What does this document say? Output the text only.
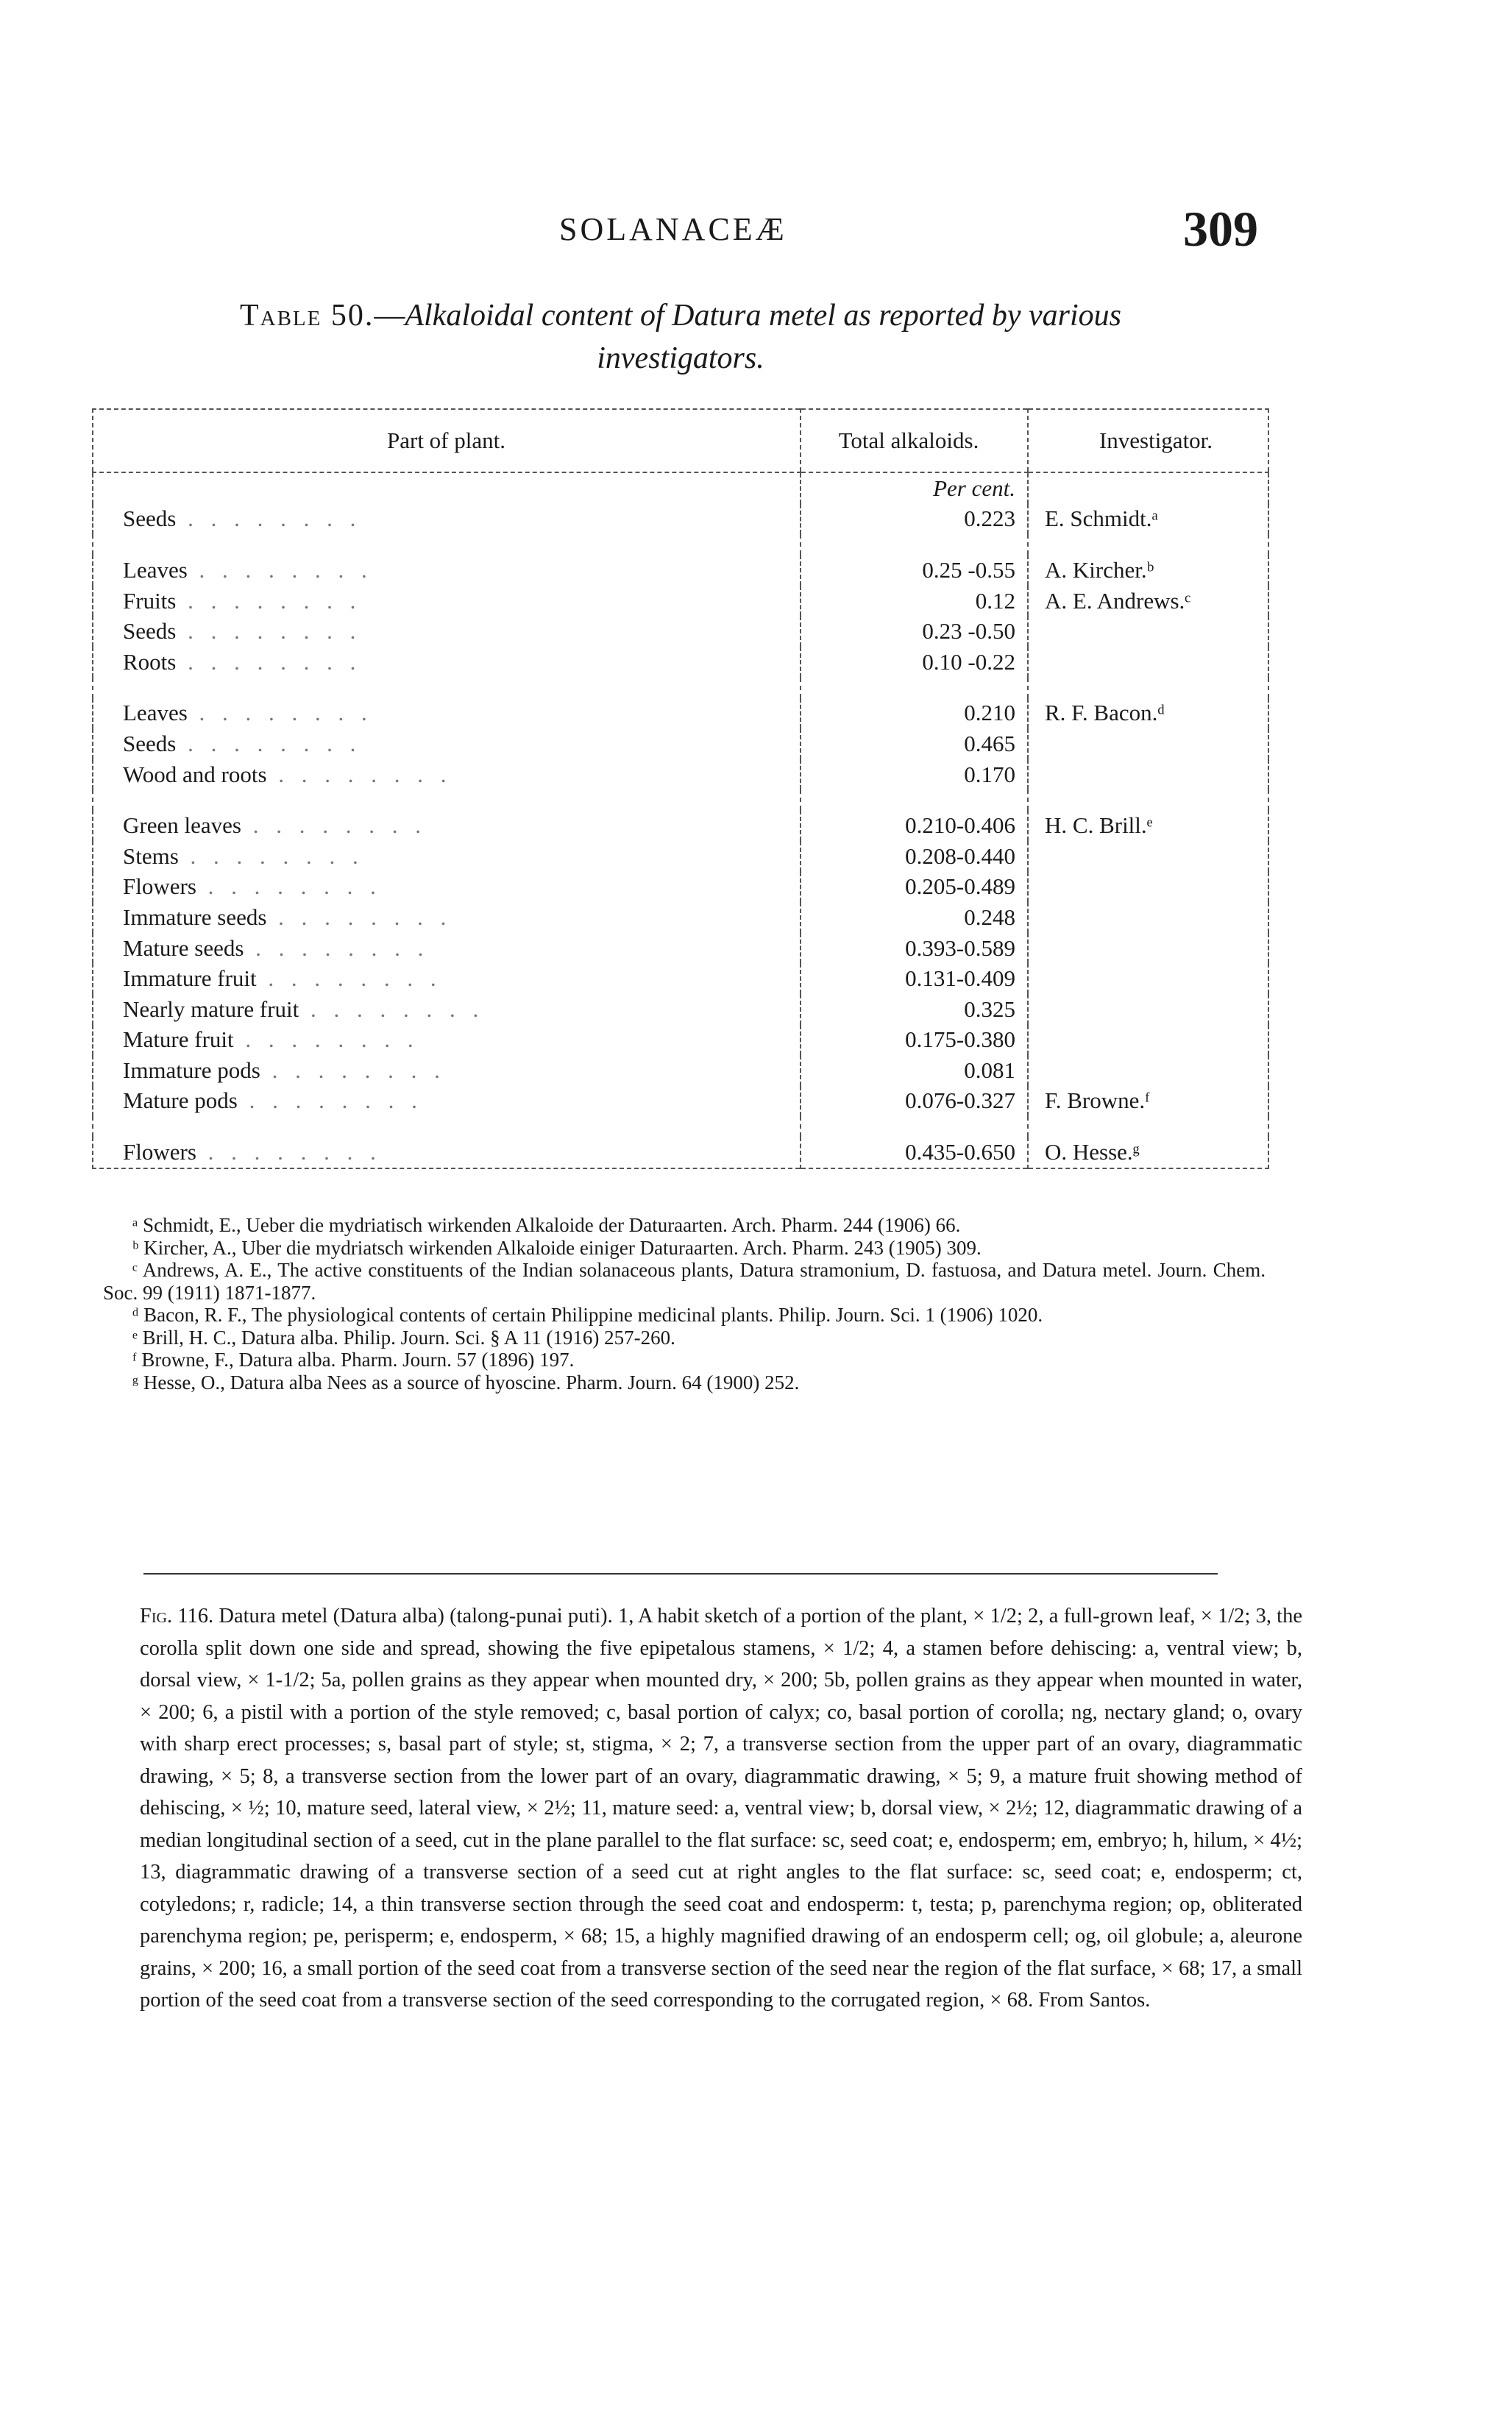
SOLANACEÆ	309
Table 50.—Alkaloidal content of Datura metel as reported by various investigators.
Part of plant.	Total alkaloids.	Investigator.
	Per cent.	
Seeds . . . . . . . .	0.223	E. Schmidt.ᵃ

Leaves . . . . . . . .	0.25 -0.55	A. Kircher.ᵇ
Fruits . . . . . . . .	0.12	A. E. Andrews.ᶜ
Seeds . . . . . . . .	0.23 -0.50	
Roots . . . . . . . .	0.10 -0.22	

Leaves . . . . . . . .	0.210	R. F. Bacon.ᵈ
Seeds . . . . . . . .	0.465	
Wood and roots . . . . . . . .	0.170	

Green leaves . . . . . . . .	0.210-0.406	H. C. Brill.ᵉ
Stems . . . . . . . .	0.208-0.440	
Flowers . . . . . . . .	0.205-0.489	
Immature seeds . . . . . . . .	0.248	
Mature seeds . . . . . . . .	0.393-0.589	
Immature fruit . . . . . . . .	0.131-0.409	
Nearly mature fruit . . . . . . . .	0.325	
Mature fruit . . . . . . . .	0.175-0.380	
Immature pods . . . . . . . .	0.081	
Mature pods . . . . . . . .	0.076-0.327	F. Browne.ᶠ

Flowers . . . . . . . .	0.435-0.650	O. Hesse.ᵍ

ᵃ Schmidt, E., Ueber die mydriatisch wirkenden Alkaloide der Daturaarten. Arch. Pharm. 244 (1906) 66.

ᵇ Kircher, A., Uber die mydriatsch wirkenden Alkaloide einiger Daturaarten. Arch. Pharm. 243 (1905) 309.

ᶜ Andrews, A. E., The active constituents of the Indian solanaceous plants, Datura stramonium, D. fastuosa, and Datura metel. Journ. Chem. Soc. 99 (1911) 1871-1877.

ᵈ Bacon, R. F., The physiological contents of certain Philippine medicinal plants. Philip. Journ. Sci. 1 (1906) 1020.

ᵉ Brill, H. C., Datura alba. Philip. Journ. Sci. § A 11 (1916) 257-260.

ᶠ Browne, F., Datura alba. Pharm. Journ. 57 (1896) 197.

ᵍ Hesse, O., Datura alba Nees as a source of hyoscine. Pharm. Journ. 64 (1900) 252.

Fig. 116. Datura metel (Datura alba) (talong-punai puti). 1, A habit sketch of a portion of the plant, × 1/2; 2, a full-grown leaf, × 1/2; 3, the corolla split down one side and spread, showing the five epipetalous stamens, × 1/2; 4, a stamen before dehiscing: a, ventral view; b, dorsal view, × 1-1/2; 5a, pollen grains as they appear when mounted dry, × 200; 5b, pollen grains as they appear when mounted in water, × 200; 6, a pistil with a portion of the style removed; c, basal portion of calyx; co, basal portion of corolla; ng, nectary gland; o, ovary with sharp erect processes; s, basal part of style; st, stigma, × 2; 7, a transverse section from the upper part of an ovary, diagrammatic drawing, × 5; 8, a transverse section from the lower part of an ovary, diagrammatic drawing, × 5; 9, a mature fruit showing method of dehiscing, × ½; 10, mature seed, lateral view, × 2½; 11, mature seed: a, ventral view; b, dorsal view, × 2½; 12, diagrammatic drawing of a median longitudinal section of a seed, cut in the plane parallel to the flat surface: sc, seed coat; e, endosperm; em, embryo; h, hilum, × 4½; 13, diagrammatic drawing of a transverse section of a seed cut at right angles to the flat surface: sc, seed coat; e, endosperm; ct, cotyledons; r, radicle; 14, a thin transverse section through the seed coat and endosperm: t, testa; p, parenchyma region; op, obliterated parenchyma region; pe, perisperm; e, endosperm, × 68; 15, a highly magnified drawing of an endosperm cell; og, oil globule; a, aleurone grains, × 200; 16, a small portion of the seed coat from a transverse section of the seed near the region of the flat surface, × 68; 17, a small portion of the seed coat from a transverse section of the seed corresponding to the corrugated region, × 68. From Santos.
